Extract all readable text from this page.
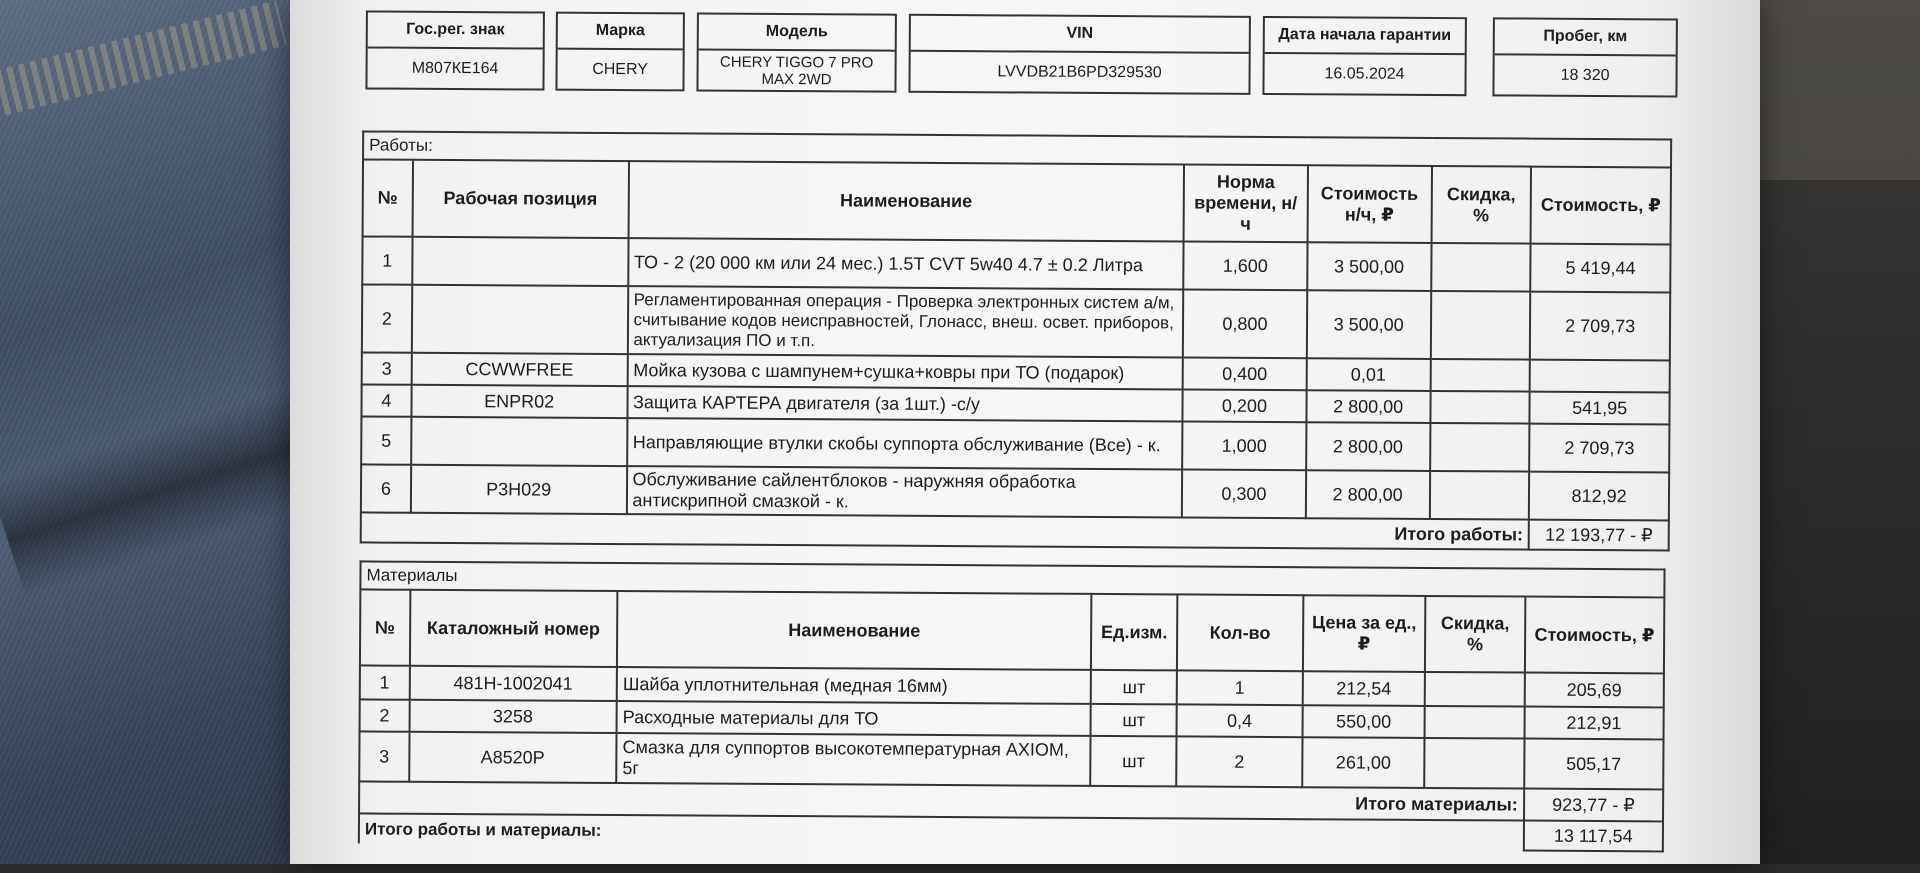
Гос.рег. знак
М807КЕ164
Марка
CHERY
Модель
CHERY TIGGO 7 PRO MAX 2WD
VIN
LVVDB21B6PD329530
Дата начала гарантии
16.05.2024
Пробег, км
18 320
Работы:						
№	Рабочая позиция	Наименование	Норма времени, н/ч	Стоимость н/ч, ₽	Скидка, %	Стоимость, ₽
1		ТО - 2 (20 000 км или 24 мес.) 1.5T CVT 5w40 4.7 ± 0.2 Литра	1,600	3 500,00		5 419,44
2		Регламентированная операция - Проверка электронных систем а/м, считывание кодов неисправностей, Глонасс, внеш. освет. приборов, актуализация ПО и т.п.	0,800	3 500,00		2 709,73
3	CCWWFREE	Мойка кузова с шампунем+сушка+ковры при ТО (подарок)	0,400	0,01		
4	ENPR02	Защита КАРТЕРА двигателя (за 1шт.) -с/у	0,200	2 800,00		541,95
5		Направляющие втулки скобы суппорта обслуживание (Все) - к.	1,000	2 800,00		2 709,73
6	P3H029	Обслуживание сайлентблоков - наружняя обработка антискрипной смазкой - к.	0,300	2 800,00		812,92
Итого работы:						12 193,77 - ₽
Материалы							
№	Каталожный номер	Наименование	Ед.изм.	Кол-во	Цена за ед., ₽	Скидка, %	Стоимость, ₽
1	481H-1002041	Шайба уплотнительная (медная 16мм)	шт	1	212,54		205,69
2	3258	Расходные материалы для ТО	шт	0,4	550,00		212,91
3	A8520P	Смазка для суппортов высокотемпературная AXIOM, 5г	шт	2	261,00		505,17
Итого материалы:							923,77 - ₽
Итого работы и материалы:							13 117,54
